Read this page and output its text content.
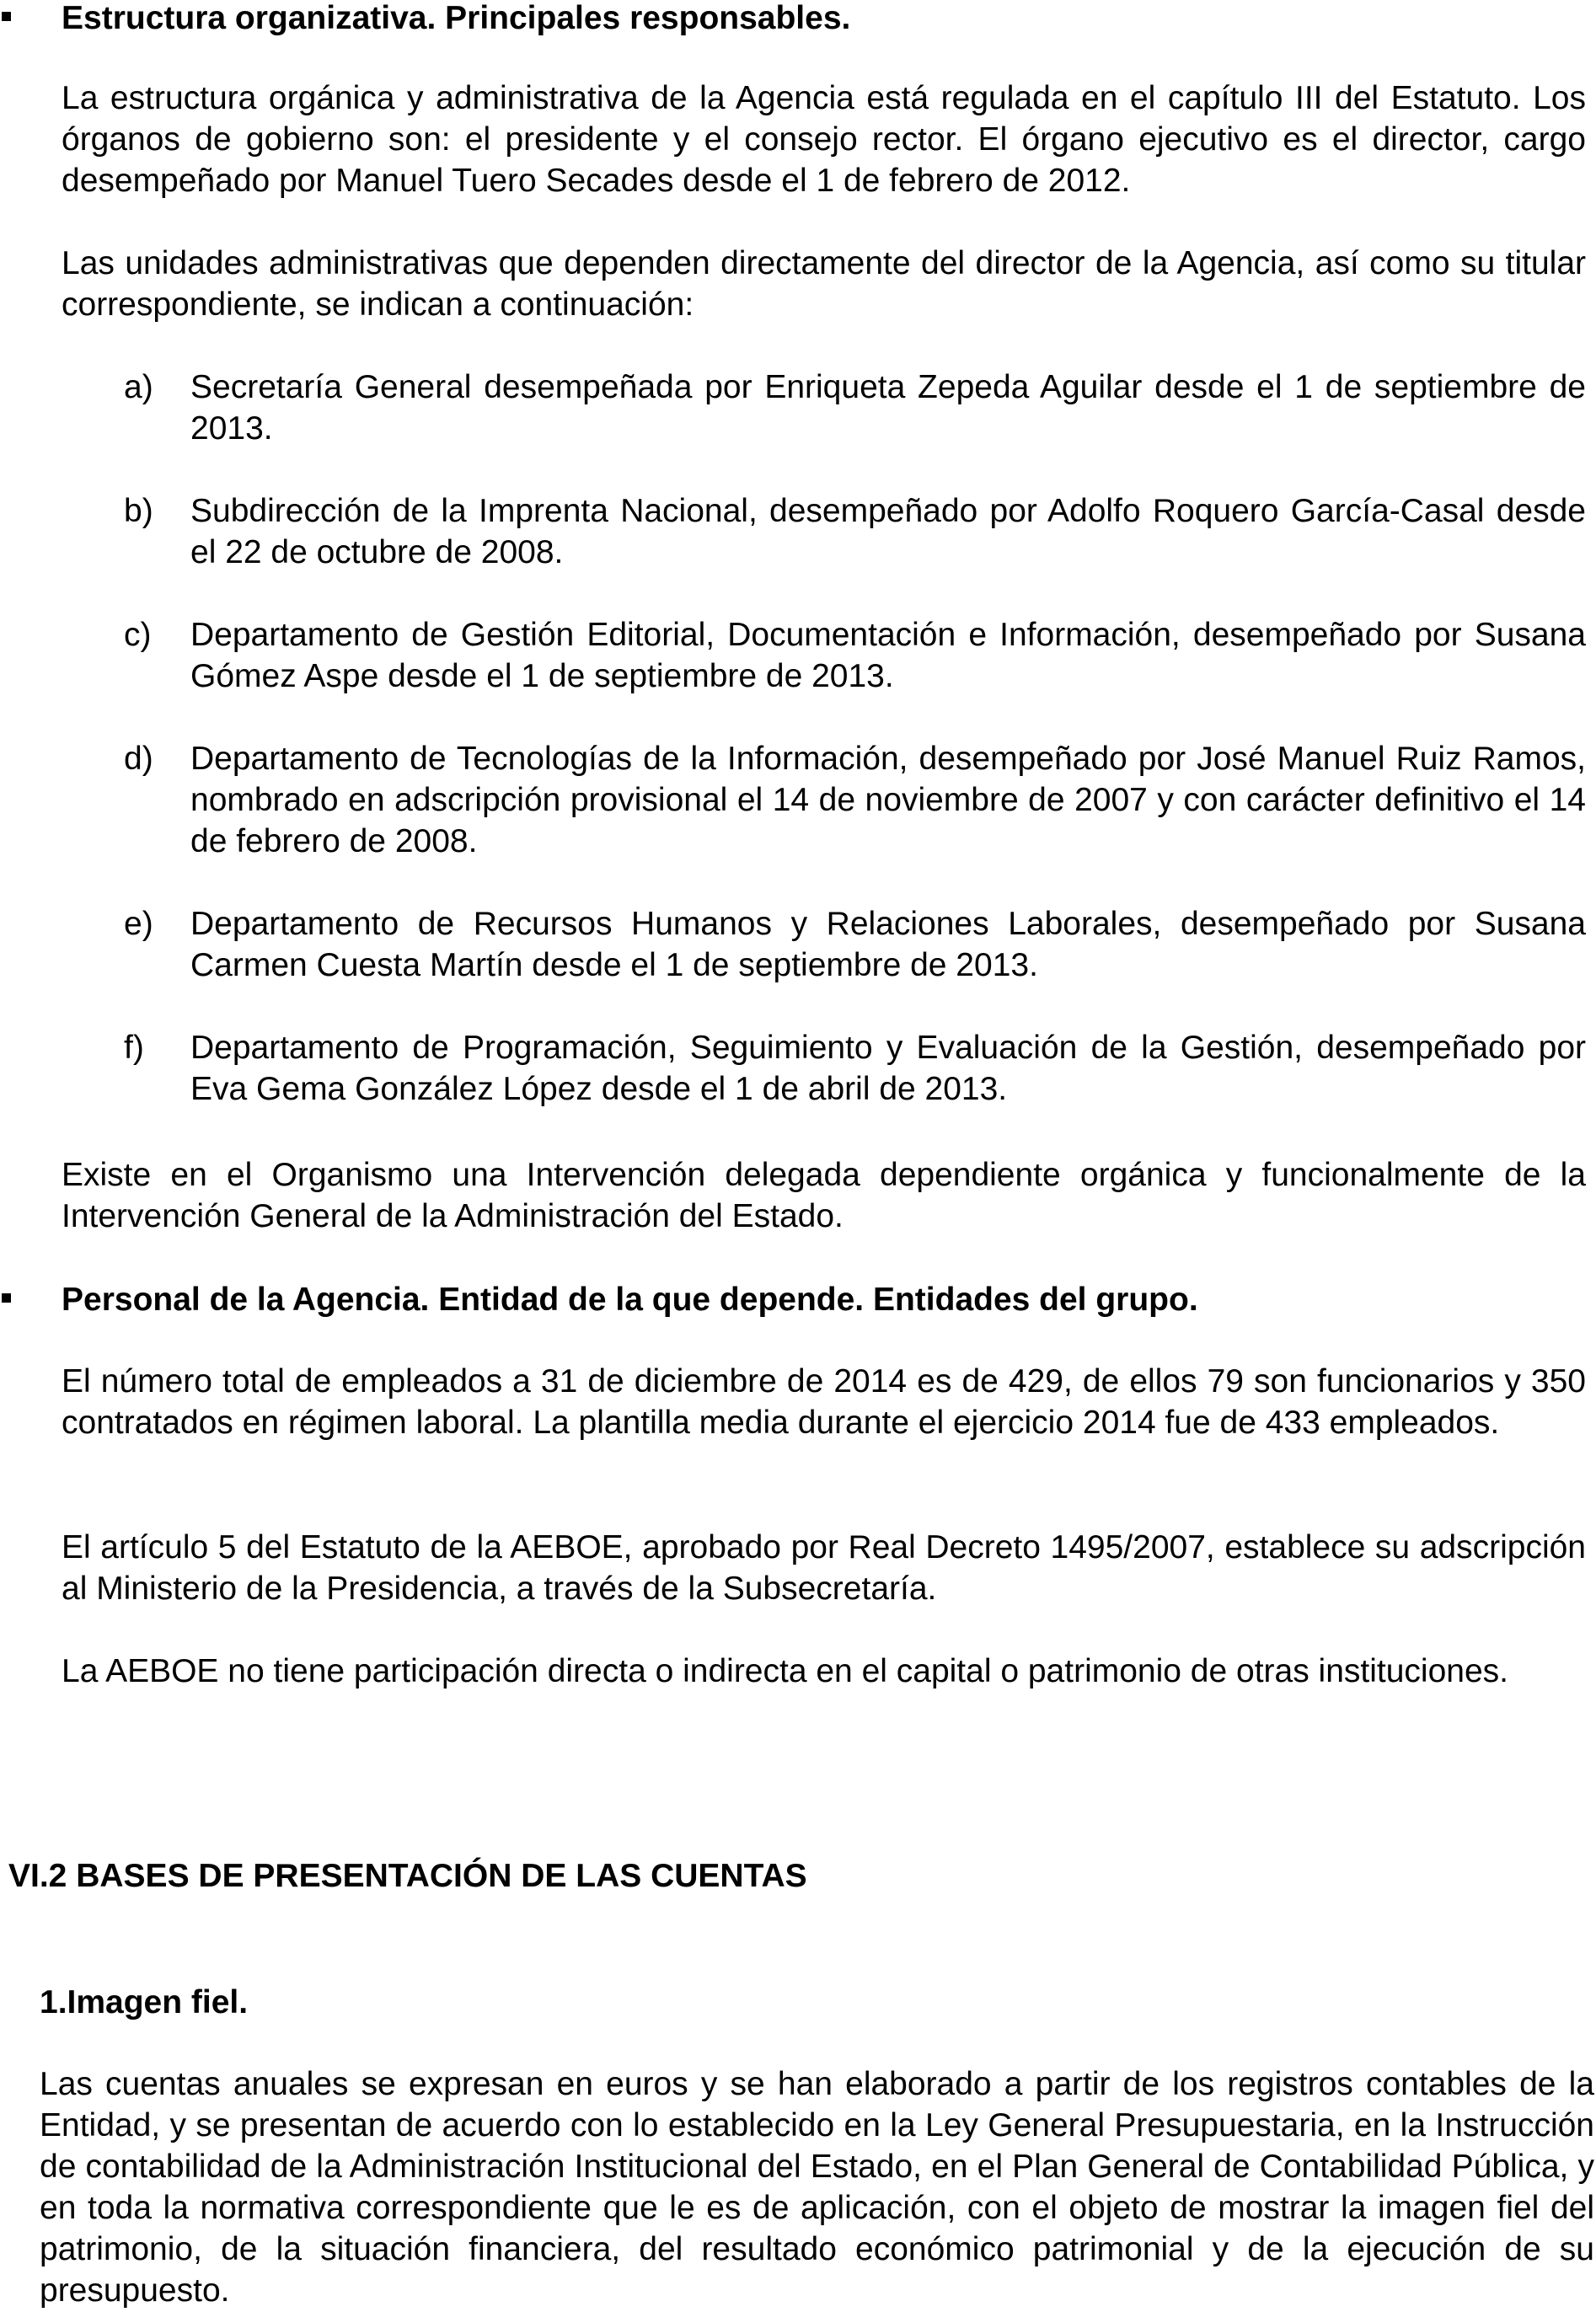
Estructura organizativa. Principales responsables.

La estructura orgánica y administrativa de la Agencia está regulada en el capítulo III del Estatuto. Los órganos de gobierno son: el presidente y el consejo rector. El órgano ejecutivo es el director, cargo desempeñado por Manuel Tuero Secades desde el 1 de febrero de 2012.

Las unidades administrativas que dependen directamente del director de la Agencia, así como su titular correspondiente, se indican a continuación:

a) Secretaría General desempeñada por Enriqueta Zepeda Aguilar desde el 1 de septiembre de 2013.
b) Subdirección de la Imprenta Nacional, desempeñado por Adolfo Roquero García-Casal desde el 22 de octubre de 2008.
c) Departamento de Gestión Editorial, Documentación e Información, desempeñado por Susana Gómez Aspe desde el 1 de septiembre de 2013.
d) Departamento de Tecnologías de la Información, desempeñado por José Manuel Ruiz Ramos, nombrado en adscripción provisional el 14 de noviembre de 2007 y con carácter definitivo el 14 de febrero de 2008.
e) Departamento de Recursos Humanos y Relaciones Laborales, desempeñado por Susana Carmen Cuesta Martín desde el 1 de septiembre de 2013.
f) Departamento de Programación, Seguimiento y Evaluación de la Gestión, desempeñado por Eva Gema González López desde el 1 de abril de 2013.

Existe en el Organismo una Intervención delegada dependiente orgánica y funcionalmente de la Intervención General de la Administración del Estado.

Personal de la Agencia. Entidad de la que depende. Entidades del grupo.

El número total de empleados a 31 de diciembre de 2014 es de 429, de ellos 79 son funcionarios y 350 contratados en régimen laboral. La plantilla media durante el ejercicio 2014 fue de 433 empleados.

El artículo 5 del Estatuto de la AEBOE, aprobado por Real Decreto 1495/2007, establece su adscripción al Ministerio de la Presidencia, a través de la Subsecretaría.

La AEBOE no tiene participación directa o indirecta en el capital o patrimonio de otras instituciones.

VI.2 BASES DE PRESENTACIÓN DE LAS CUENTAS
1.Imagen fiel.

Las cuentas anuales se expresan en euros y se han elaborado a partir de los registros contables de la Entidad, y se presentan de acuerdo con lo establecido en la Ley General Presupuestaria, en la Instrucción de contabilidad de la Administración Institucional del Estado, en el Plan General de Contabilidad Pública, y en toda la normativa correspondiente que le es de aplicación, con el objeto de mostrar la imagen fiel del patrimonio, de la situación financiera, del resultado económico patrimonial y de la ejecución de su presupuesto.
